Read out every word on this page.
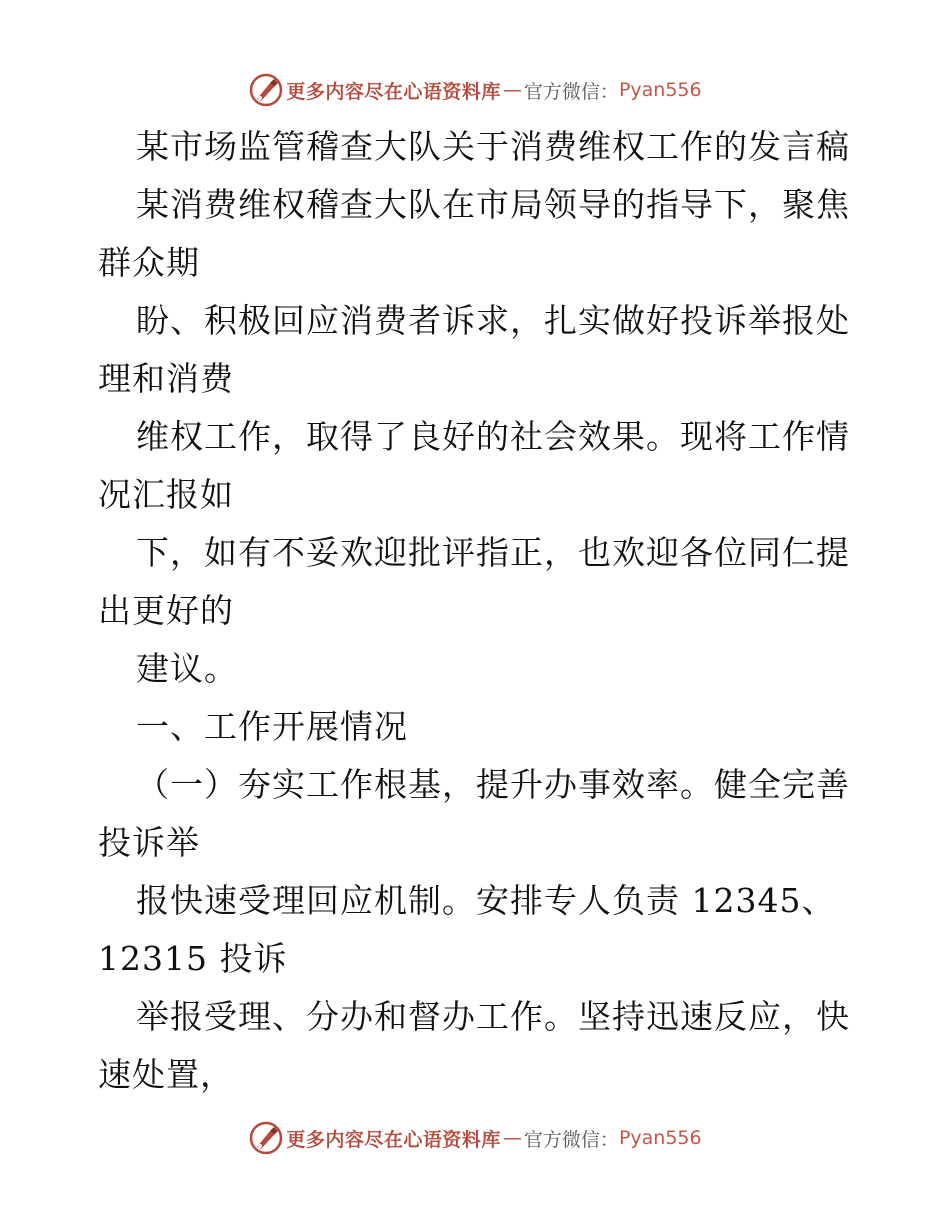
更多内容尽在心语资料库 — 官方微信： Pyan556
某市场监管稽查大队关于消费维权工作的发言稿
某消费维权稽查大队在市局领导的指导下，聚焦
群众期
盼、积极回应消费者诉求，扎实做好投诉举报处
理和消费
维权工作，取得了良好的社会效果。现将工作情
况汇报如
下，如有不妥欢迎批评指正，也欢迎各位同仁提
出更好的
建议。
一、工作开展情况
（一）夯实工作根基，提升办事效率。健全完善
投诉举
报快速受理回应机制。安排专人负责 12345、
12315 投诉
举报受理、分办和督办工作。坚持迅速反应，快
速处置，
更多内容尽在心语资料库 — 官方微信： Pyan556
